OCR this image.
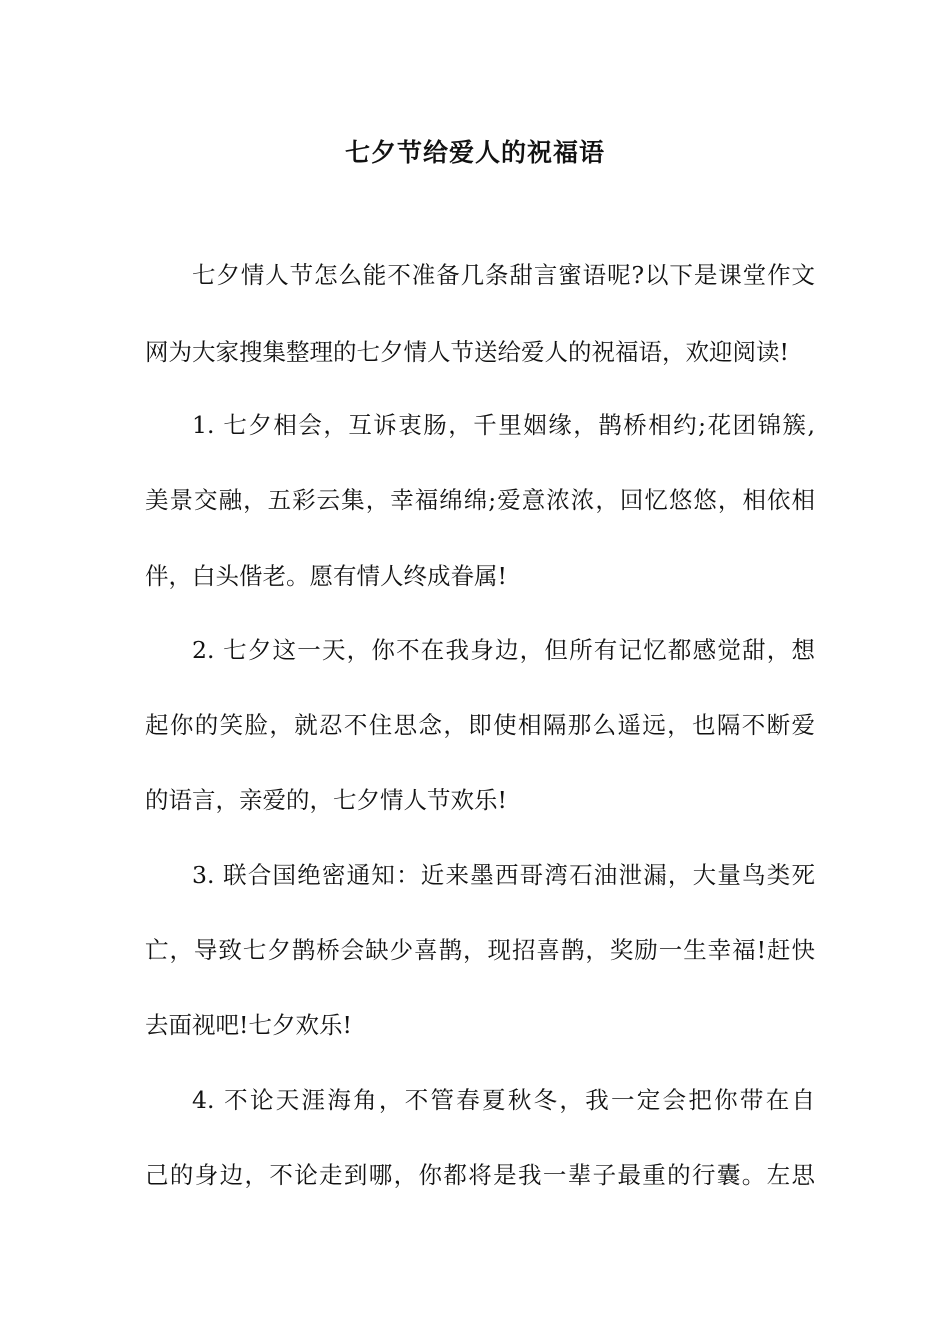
七夕节给爱人的祝福语
七夕情人节怎么能不准备几条甜言蜜语呢?以下是课堂作文
网为大家搜集整理的七夕情人节送给爱人的祝福语，欢迎阅读!
1. 七夕相会，互诉衷肠，千里姻缘，鹊桥相约;花团锦簇,
美景交融，五彩云集，幸福绵绵;爱意浓浓，回忆悠悠，相依相
伴，白头偕老。愿有情人终成眷属!
2. 七夕这一天，你不在我身边，但所有记忆都感觉甜，想
起你的笑脸，就忍不住思念，即使相隔那么遥远，也隔不断爱
的语言，亲爱的，七夕情人节欢乐!
3. 联合国绝密通知：近来墨西哥湾石油泄漏，大量鸟类死
亡，导致七夕鹊桥会缺少喜鹊，现招喜鹊，奖励一生幸福!赶快
去面视吧!七夕欢乐!
4. 不论天涯海角，不管春夏秋冬，我一定会把你带在自
己的身边，不论走到哪，你都将是我一辈子最重的行囊。左思
